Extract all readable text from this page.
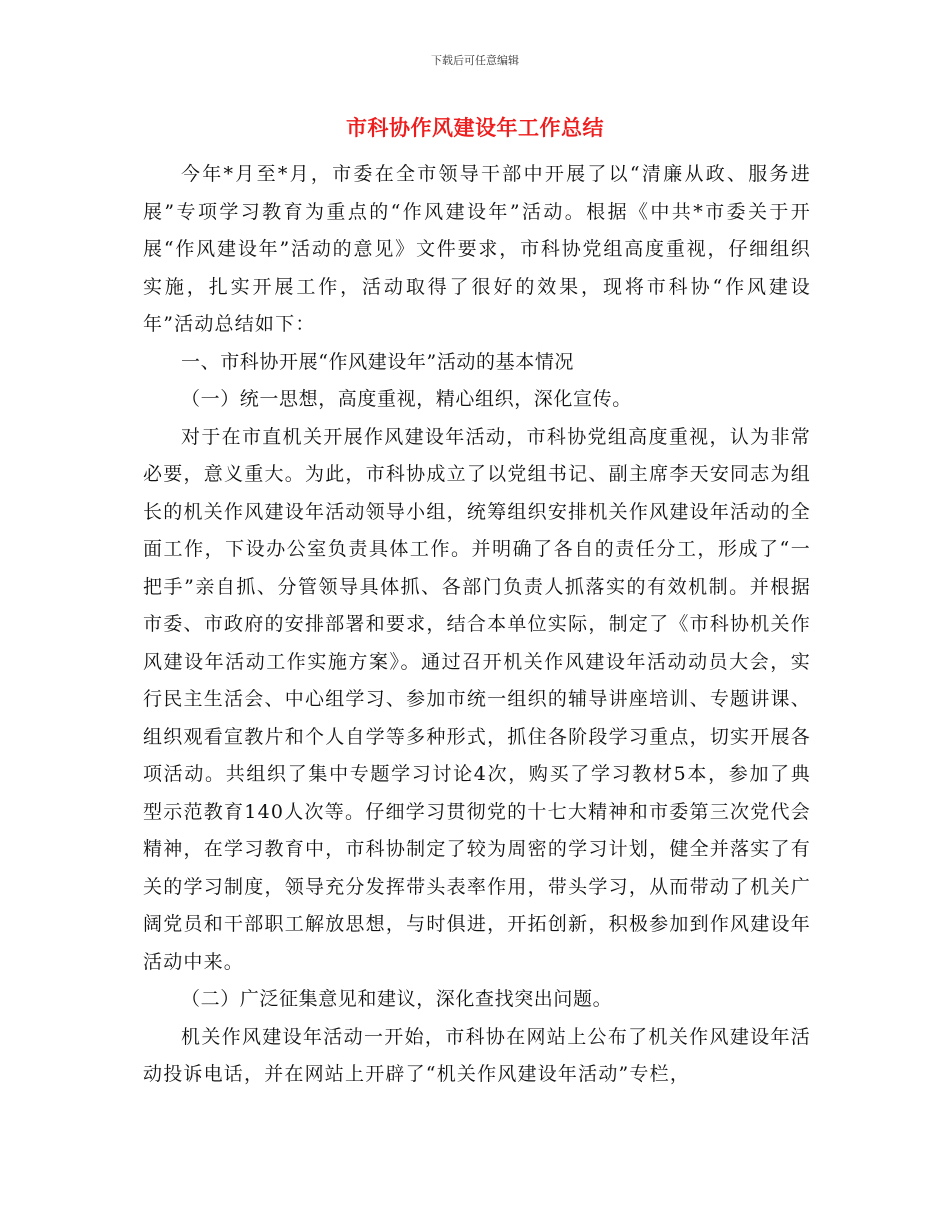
下载后可任意编辑
市科协作风建设年工作总结

今年*月至*月，市委在全市领导干部中开展了以“清廉从政、服务进展”专项学习教育为重点的“作风建设年”活动。根据《中共*市委关于开展“作风建设年”活动的意见》文件要求，市科协党组高度重视，仔细组织实施，扎实开展工作，活动取得了很好的效果，现将市科协“作风建设年”活动总结如下：

一、市科协开展“作风建设年”活动的基本情况

（一）统一思想，高度重视，精心组织，深化宣传。

对于在市直机关开展作风建设年活动，市科协党组高度重视，认为非常必要，意义重大。为此，市科协成立了以党组书记、副主席李天安同志为组长的机关作风建设年活动领导小组，统筹组织安排机关作风建设年活动的全面工作，下设办公室负责具体工作。并明确了各自的责任分工，形成了“一把手”亲自抓、分管领导具体抓、各部门负责人抓落实的有效机制。并根据市委、市政府的安排部署和要求，结合本单位实际，制定了《市科协机关作风建设年活动工作实施方案》。通过召开机关作风建设年活动动员大会，实行民主生活会、中心组学习、参加市统一组织的辅导讲座培训、专题讲课、组织观看宣教片和个人自学等多种形式，抓住各阶段学习重点，切实开展各项活动。共组织了集中专题学习讨论4次，购买了学习教材5本，参加了典型示范教育140人次等。仔细学习贯彻党的十七大精神和市委第三次党代会精神，在学习教育中，市科协制定了较为周密的学习计划，健全并落实了有关的学习制度，领导充分发挥带头表率作用，带头学习，从而带动了机关广阔党员和干部职工解放思想，与时俱进，开拓创新，积极参加到作风建设年活动中来。

（二）广泛征集意见和建议，深化查找突出问题。

机关作风建设年活动一开始，市科协在网站上公布了机关作风建设年活动投诉电话，并在网站上开辟了“机关作风建设年活动”专栏，
